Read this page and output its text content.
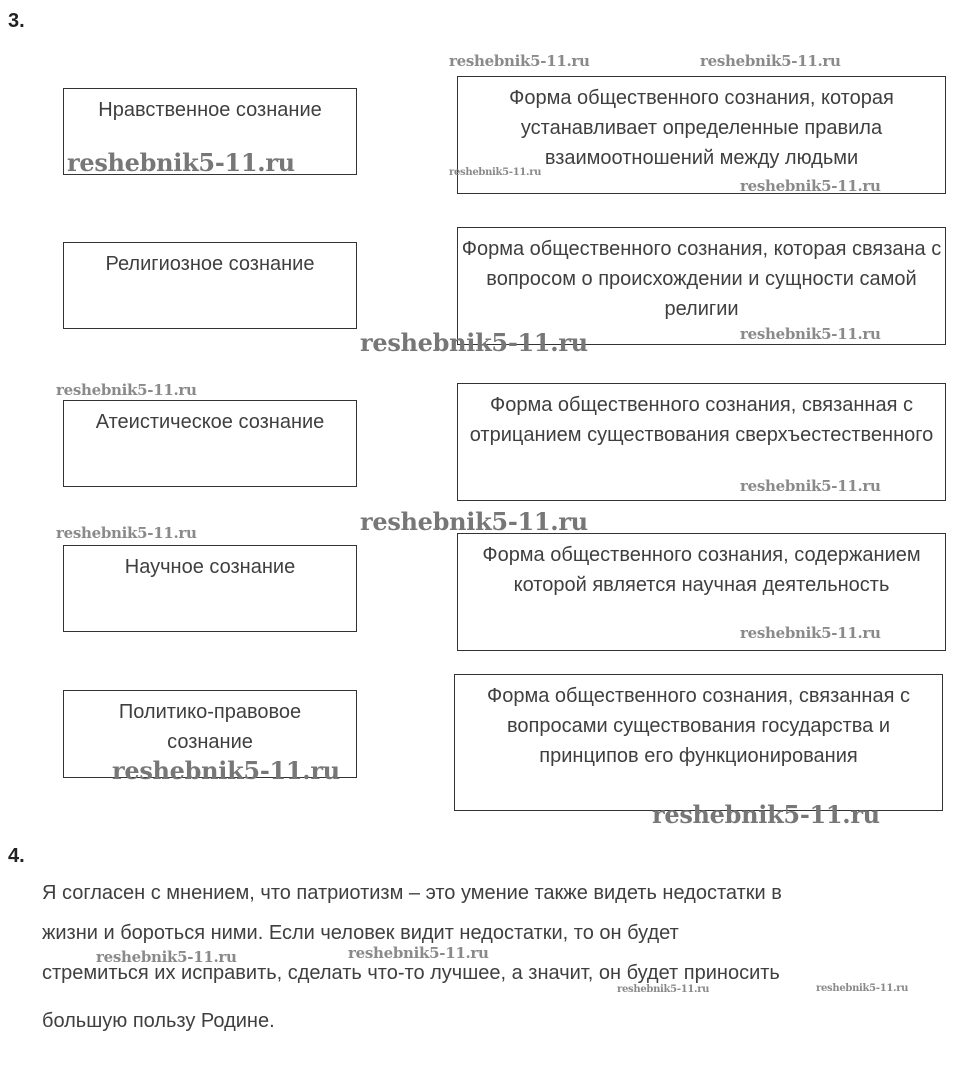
3.
Нравственное сознание
Форма общественного сознания, которая устанавливает определенные правила взаимоотношений между людьми
Религиозное сознание
Форма общественного сознания, которая связана с вопросом о происхождении и сущности самой религии
Атеистическое сознание
Форма общественного сознания, связанная с отрицанием существования сверхъестественного
Научное сознание
Форма общественного сознания, содержанием которой является научная деятельность
Политико-правовое сознание
Форма общественного сознания, связанная с вопросами существования государства и принципов его функционирования
4.
Я согласен с мнением, что патриотизм – это умение также видеть недостатки в
жизни и бороться ними. Если человек видит недостатки, то он будет
стремиться их исправить, сделать что-то лучшее, а значит, он будет приносить
большую пользу Родине.
reshebnik5-11.ru	reshebnik5-11.ru
reshebnik5-11.ru	reshebnik5-11.ru
reshebnik5-11.ru
reshebnik5-11.ru
reshebnik5-11.ru
reshebnik5-11.ru
reshebnik5-11.ru
reshebnik5-11.ru
reshebnik5-11.ru
reshebnik5-11.ru
reshebnik5-11.ru
reshebnik5-11.ru
reshebnik5-11.ru	reshebnik5-11.ru
reshebnik5-11.ru	reshebnik5-11.ru
